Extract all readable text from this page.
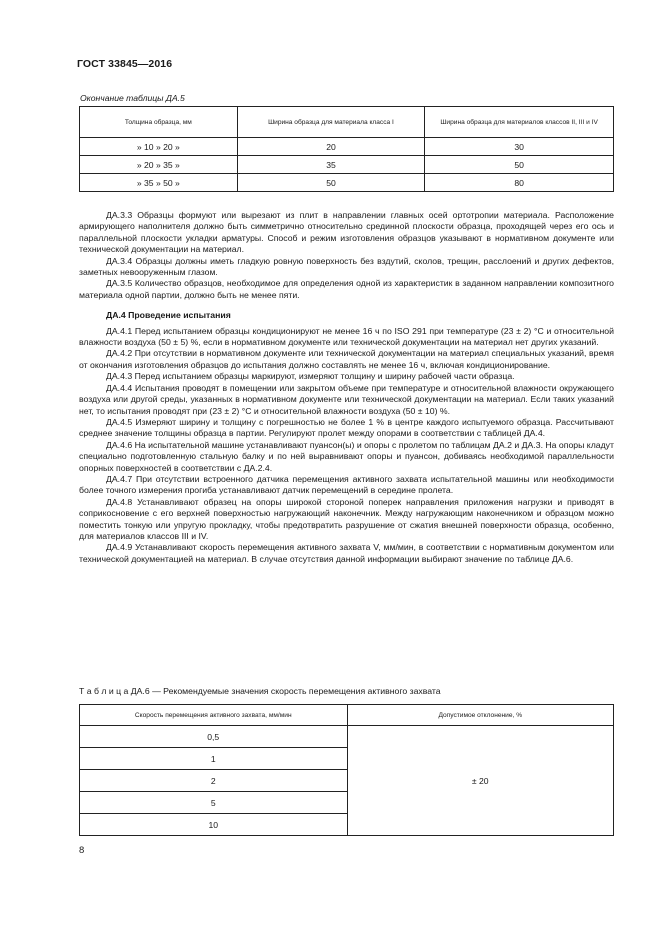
ГОСТ 33845—2016
Окончание таблицы ДА.5
Толщина образца, мм	Ширина образца для материала класса I	Ширина образца для материалов классов II, III и IV
» 10 » 20 »	20	30
» 20 » 35 »	35	50
» 35 » 50 »	50	80

ДА.3.3 Образцы формуют или вырезают из плит в направлении главных осей ортотропии материала. Расположение армирующего наполнителя должно быть симметрично относительно срединной плоскости образца, проходящей через его ось и параллельной плоскости укладки арматуры. Способ и режим изготовления образцов указывают в нормативном документе или технической документации на материал.

ДА.3.4 Образцы должны иметь гладкую ровную поверхность без вздутий, сколов, трещин, расслоений и других дефектов, заметных невооруженным глазом.

ДА.3.5 Количество образцов, необходимое для определения одной из характеристик в заданном направлении композитного материала одной партии, должно быть не менее пяти.

ДА.4 Проведение испытания

ДА.4.1 Перед испытанием образцы кондиционируют не менее 16 ч по ISO 291 при температуре (23 ± 2) °С и относительной влажности воздуха (50 ± 5) %, если в нормативном документе или технической документации на материал нет других указаний.

ДА.4.2 При отсутствии в нормативном документе или технической документации на материал специальных указаний, время от окончания изготовления образцов до испытания должно составлять не менее 16 ч, включая кондиционирование.

ДА.4.3 Перед испытанием образцы маркируют, измеряют толщину и ширину рабочей части образца.

ДА.4.4 Испытания проводят в помещении или закрытом объеме при температуре и относительной влажности окружающего воздуха или другой среды, указанных в нормативном документе или технической документации на материал. Если таких указаний нет, то испытания проводят при (23 ± 2) °С и относительной влажности воздуха (50 ± 10) %.

ДА.4.5 Измеряют ширину и толщину с погрешностью не более 1 % в центре каждого испытуемого образца. Рассчитывают среднее значение толщины образца в партии. Регулируют пролет между опорами в соответствии с таблицей ДА.4.

ДА.4.6 На испытательной машине устанавливают пуансон(ы) и опоры с пролетом по таблицам ДА.2 и ДА.3. На опоры кладут специально подготовленную стальную балку и по ней выравнивают опоры и пуансон, добиваясь необходимой параллельности опорных поверхностей в соответствии с ДА.2.4.

ДА.4.7 При отсутствии встроенного датчика перемещения активного захвата испытательной машины или необходимости более точного измерения прогиба устанавливают датчик перемещений в середине пролета.

ДА.4.8 Устанавливают образец на опоры широкой стороной поперек направления приложения нагрузки и приводят в соприкосновение с его верхней поверхностью нагружающий наконечник. Между нагружающим наконечником и образцом можно поместить тонкую или упругую прокладку, чтобы предотвратить разрушение от сжатия внешней поверхности образца, особенно, для материалов классов III и IV.

ДА.4.9 Устанавливают скорость перемещения активного захвата V, мм/мин, в соответствии с нормативным документом или технической документацией на материал. В случае отсутствия данной информации выбирают значение по таблице ДА.6.

Т а б л и ц а ДА.6 — Рекомендуемые значения скорость перемещения активного захвата
Скорость перемещения активного захвата, мм/мин	Допустимое отклонение, %
0,5	± 20
1	
2	
5	
10	
8
